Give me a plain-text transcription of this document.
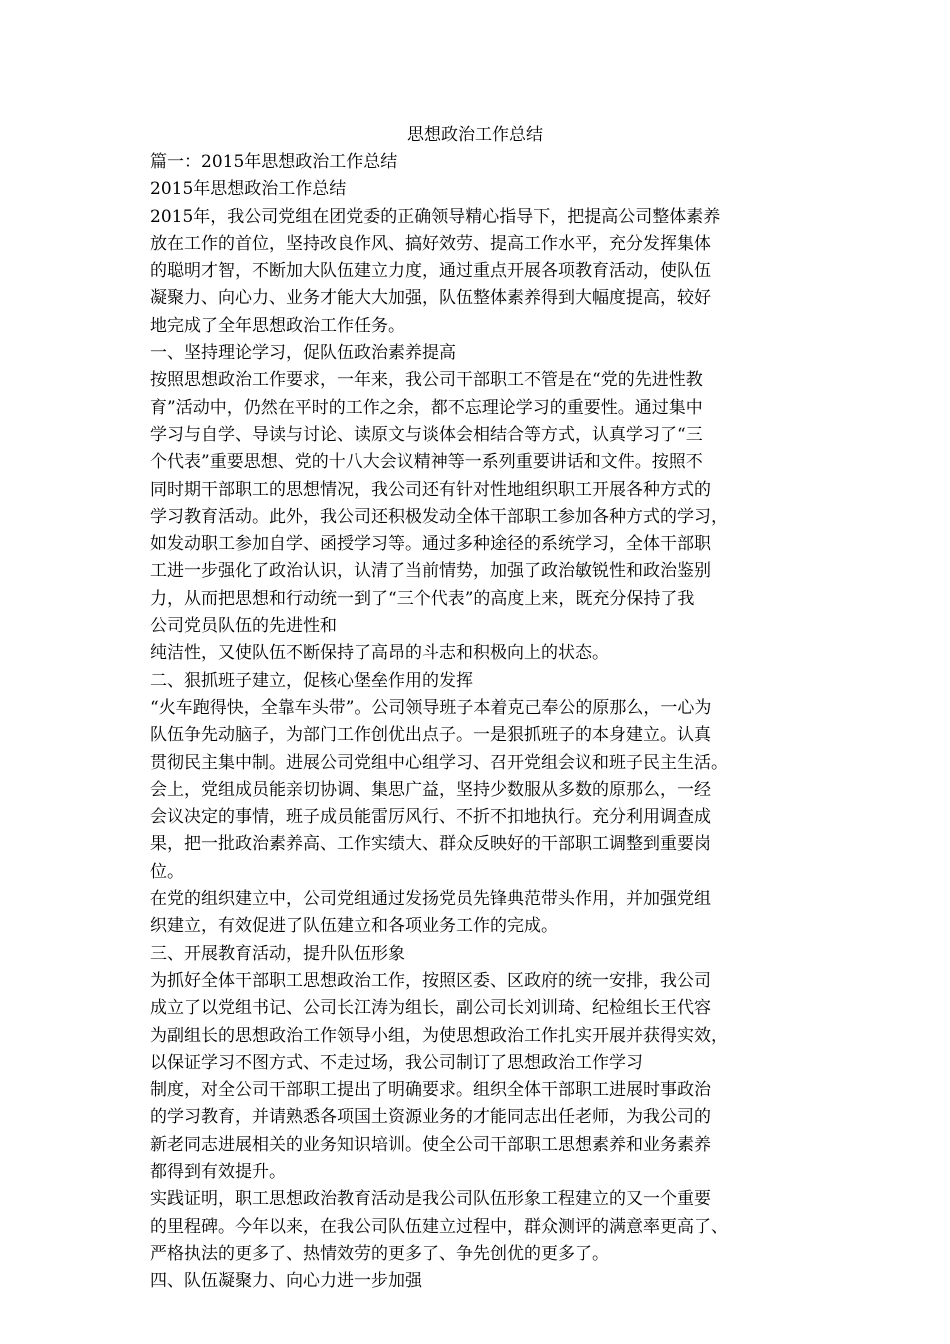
思想政治工作总结
篇一：2015年思想政治工作总结
2015年思想政治工作总结
2015年，我公司党组在团党委的正确领导精心指导下，把提高公司整体素养
放在工作的首位，坚持改良作风、搞好效劳、提高工作水平，充分发挥集体
的聪明才智，不断加大队伍建立力度，通过重点开展各项教育活动，使队伍
凝聚力、向心力、业务才能大大加强，队伍整体素养得到大幅度提高，较好
地完成了全年思想政治工作任务。
一、坚持理论学习，促队伍政治素养提高
按照思想政治工作要求，一年来，我公司干部职工不管是在“党的先进性教
育”活动中，仍然在平时的工作之余，都不忘理论学习的重要性。通过集中
学习与自学、导读与讨论、读原文与谈体会相结合等方式，认真学习了“三
个代表”重要思想、党的十八大会议精神等一系列重要讲话和文件。按照不
同时期干部职工的思想情况，我公司还有针对性地组织职工开展各种方式的
学习教育活动。此外，我公司还积极发动全体干部职工参加各种方式的学习，
如发动职工参加自学、函授学习等。通过多种途径的系统学习，全体干部职
工进一步强化了政治认识，认清了当前情势，加强了政治敏锐性和政治鉴别
力，从而把思想和行动统一到了“三个代表”的高度上来，既充分保持了我
公司党员队伍的先进性和
纯洁性，又使队伍不断保持了高昂的斗志和积极向上的状态。
二、狠抓班子建立，促核心堡垒作用的发挥
“火车跑得快，全靠车头带”。公司领导班子本着克己奉公的原那么，一心为
队伍争先动脑子，为部门工作创优出点子。一是狠抓班子的本身建立。认真
贯彻民主集中制。进展公司党组中心组学习、召开党组会议和班子民主生活。
会上，党组成员能亲切协调、集思广益，坚持少数服从多数的原那么，一经
会议决定的事情，班子成员能雷厉风行、不折不扣地执行。充分利用调查成
果，把一批政治素养高、工作实绩大、群众反映好的干部职工调整到重要岗
位。
在党的组织建立中，公司党组通过发扬党员先锋典范带头作用，并加强党组
织建立，有效促进了队伍建立和各项业务工作的完成。
三、开展教育活动，提升队伍形象
为抓好全体干部职工思想政治工作，按照区委、区政府的统一安排，我公司
成立了以党组书记、公司长江涛为组长，副公司长刘训琦、纪检组长王代容
为副组长的思想政治工作领导小组，为使思想政治工作扎实开展并获得实效，
以保证学习不图方式、不走过场，我公司制订了思想政治工作学习
制度，对全公司干部职工提出了明确要求。组织全体干部职工进展时事政治
的学习教育，并请熟悉各项国土资源业务的才能同志出任老师，为我公司的
新老同志进展相关的业务知识培训。使全公司干部职工思想素养和业务素养
都得到有效提升。
实践证明，职工思想政治教育活动是我公司队伍形象工程建立的又一个重要
的里程碑。今年以来，在我公司队伍建立过程中，群众测评的满意率更高了、
严格执法的更多了、热情效劳的更多了、争先创优的更多了。
四、队伍凝聚力、向心力进一步加强
